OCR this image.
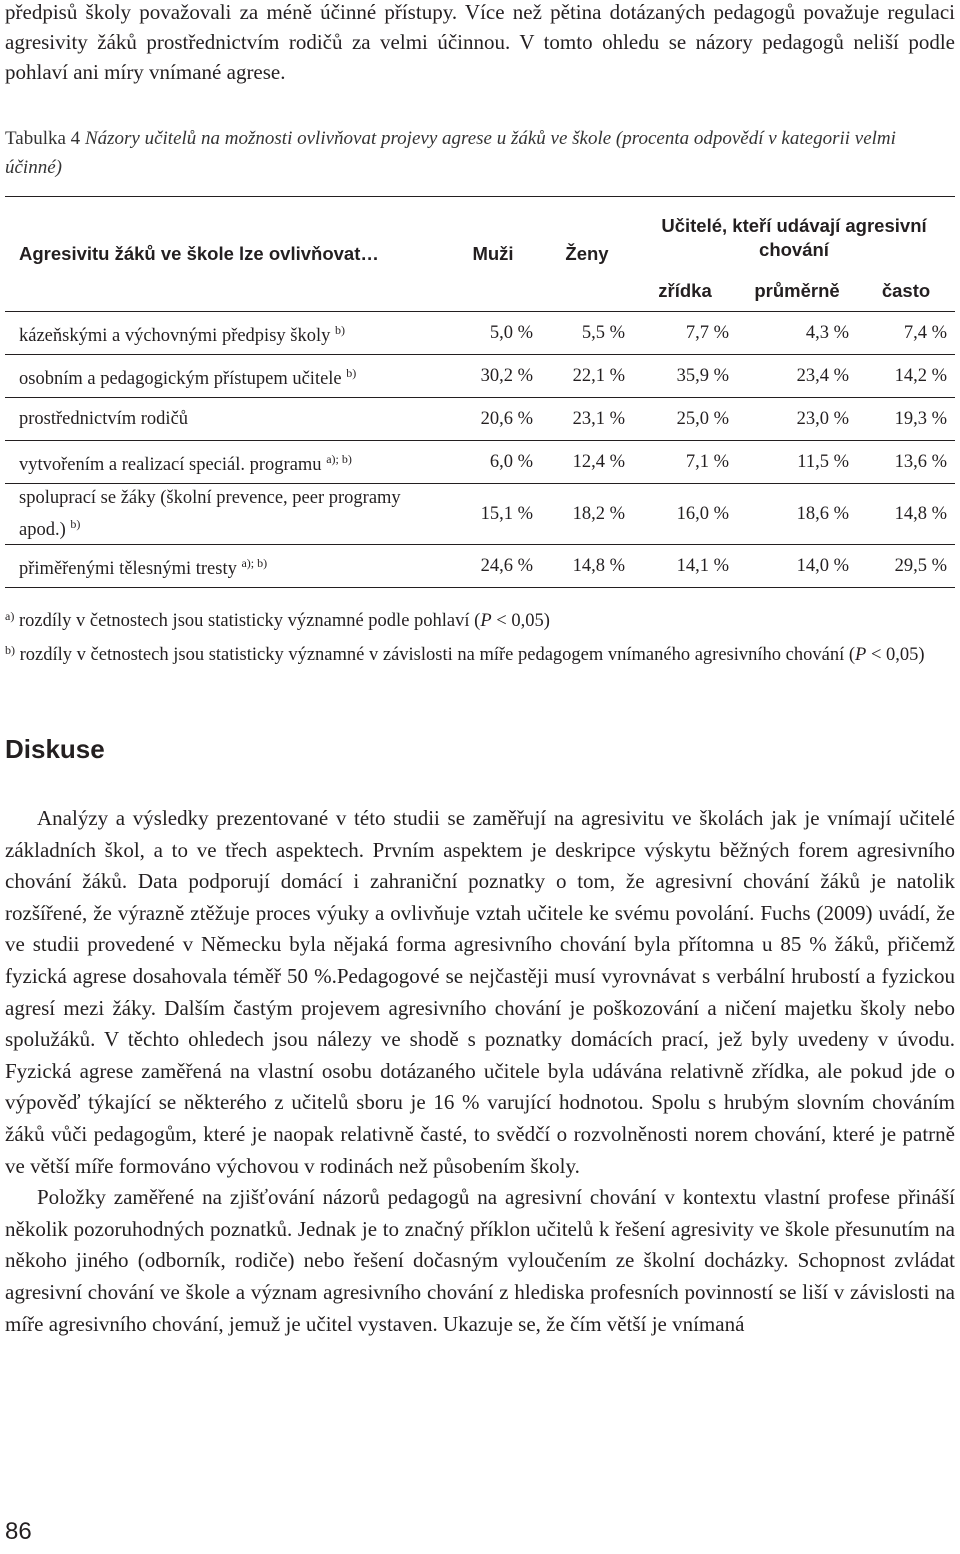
předpisů školy považovali za méně účinné přístupy. Více než pětina dotázaných pedagogů považuje regulaci agresivity žáků prostřednictvím rodičů za velmi účinnou. V tomto ohledu se názory pedagogů neliší podle pohlaví ani míry vnímané agrese.

Tabulka 4 Názory učitelů na možnosti ovlivňovat projevy agrese u žáků ve škole (procenta odpovědí v kategorii velmi účinné)

Agresivitu žáků ve škole lze ovlivňovat…	Muži	Ženy	Učitelé, kteří udávají agresivní chování		
			zřídka	průměrně	často
kázeňskými a výchovnými předpisy školy $^{b)}$	5,0 %	5,5 %	7,7 %	4,3 %	7,4 %
osobním a pedagogickým přístupem učitele $^{b)}$	30,2 %	22,1 %	35,9 %	23,4 %	14,2 %
prostřednictvím rodičů	20,6 %	23,1 %	25,0 %	23,0 %	19,3 %
vytvořením a realizací speciál. programu $^{a); b)}$	6,0 %	12,4 %	7,1 %	11,5 %	13,6 %
spoluprací se žáky (školní prevence, peer programy apod.) $^{b)}$	15,1 %	18,2 %	16,0 %	18,6 %	14,8 %
přiměřenými tělesnými tresty $^{a); b)}$	24,6 %	14,8 %	14,1 %	14,0 %	29,5 %
$^{a)}$ rozdíly v četnostech jsou statisticky významné podle pohlaví (P < 0,05)
$^{b)}$ rozdíly v četnostech jsou statisticky významné v závislosti na míře pedagogem vnímaného agresivního chování (P < 0,05)
Diskuse

Analýzy a výsledky prezentované v této studii se zaměřují na agresivitu ve školách jak je vnímají učitelé základních škol, a to ve třech aspektech. Prvním aspektem je deskripce výskytu běžných forem agresivního chování žáků. Data podporují domácí i zahraniční poznatky o tom, že agresivní chování žáků je natolik rozšířené, že výrazně ztěžuje proces výuky a ovlivňuje vztah učitele ke svému povolání. Fuchs (2009) uvádí, že ve studii provedené v Německu byla nějaká forma agresivního chování byla přítomna u 85 % žáků, přičemž fyzická agrese dosahovala téměř 50 %.Pedagogové se nejčastěji musí vyrovnávat s verbální hrubostí a fyzickou agresí mezi žáky. Dalším častým projevem agresivního chování je poškozování a ničení majetku školy nebo spolužáků. V těchto ohledech jsou nálezy ve shodě s poznatky domácích prací, jež byly uvedeny v úvodu. Fyzická agrese zaměřená na vlastní osobu dotázaného učitele byla udávána relativně zřídka, ale pokud jde o výpověď týkající se některého z učitelů sboru je 16 % varující hodnotou. Spolu s hrubým slovním chováním žáků vůči pedagogům, které je naopak relativně časté, to svědčí o rozvolněnosti norem chování, které je patrně ve větší míře formováno výchovou v rodinách než působením školy.

Položky zaměřené na zjišťování názorů pedagogů na agresivní chování v kontextu vlastní profese přináší několik pozoruhodných poznatků. Jednak je to značný příklon učitelů k řešení agresivity ve škole přesunutím na někoho jiného (odborník, rodiče) nebo řešení dočasným vyloučením ze školní docházky. Schopnost zvládat agresivní chování ve škole a význam agresivního chování z hlediska profesních povinností se liší v závislosti na míře agresivního chování, jemuž je učitel vystaven. Ukazuje se, že čím větší je vnímaná

86
